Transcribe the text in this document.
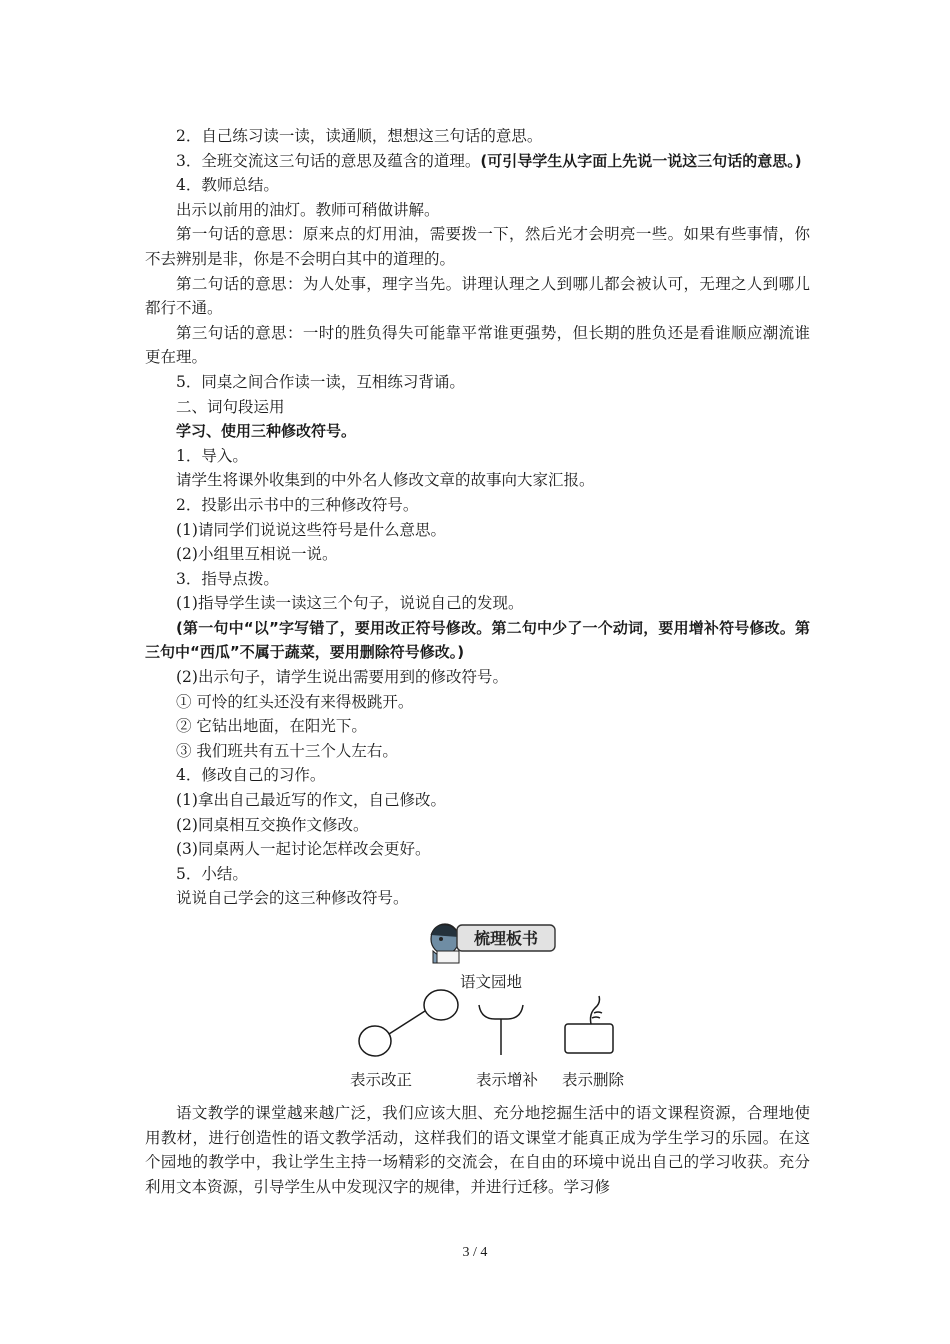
2．自己练习读一读，读通顺，想想这三句话的意思。

3．全班交流这三句话的意思及蕴含的道理。(可引导学生从字面上先说一说这三句话的意思。)

4．教师总结。

出示以前用的油灯。教师可稍做讲解。

第一句话的意思：原来点的灯用油，需要拨一下，然后光才会明亮一些。如果有些事情，你不去辨别是非，你是不会明白其中的道理的。

第二句话的意思：为人处事，理字当先。讲理认理之人到哪儿都会被认可，无理之人到哪儿都行不通。

第三句话的意思：一时的胜负得失可能靠平常谁更强势，但长期的胜负还是看谁顺应潮流谁更在理。

5．同桌之间合作读一读，互相练习背诵。

二、词句段运用

学习、使用三种修改符号。

1．导入。

请学生将课外收集到的中外名人修改文章的故事向大家汇报。

2．投影出示书中的三种修改符号。

(1)请同学们说说这些符号是什么意思。

(2)小组里互相说一说。

3．指导点拨。

(1)指导学生读一读这三个句子，说说自己的发现。

(第一句中“以”字写错了，要用改正符号修改。第二句中少了一个动词，要用增补符号修改。第三句中“西瓜”不属于蔬菜，要用删除符号修改。)

(2)出示句子，请学生说出需要用到的修改符号。

① 可怜的红头还没有来得极跳开。

② 它钻出地面，在阳光下。

③ 我们班共有五十三个人左右。

4．修改自己的习作。

(1)拿出自己最近写的作文，自己修改。

(2)同桌相互交换作文修改。

(3)同桌两人一起讨论怎样改会更好。

5．小结。

说说自己学会的这三种修改符号。

梳理板书
语文园地
表示改正	表示增补 表示删除

语文教学的课堂越来越广泛，我们应该大胆、充分地挖掘生活中的语文课程资源，合理地使用教材，进行创造性的语文教学活动，这样我们的语文课堂才能真正成为学生学习的乐园。在这个园地的教学中，我让学生主持一场精彩的交流会，在自由的环境中说出自己的学习收获。充分利用文本资源，引导学生从中发现汉字的规律，并进行迁移。学习修

3 / 4
